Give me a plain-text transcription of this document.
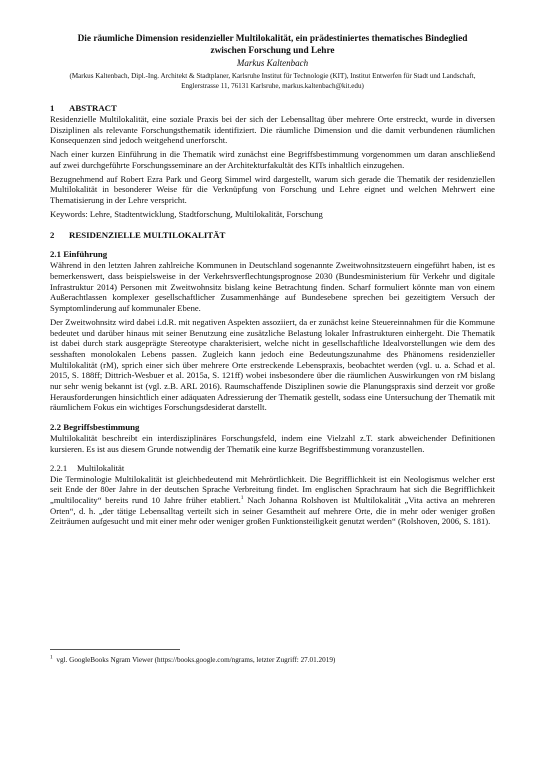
Die räumliche Dimension residenzieller Multilokalität, ein prädestiniertes thematisches Bindeglied
zwischen Forschung und Lehre
Markus Kaltenbach
(Markus Kaltenbach, Dipl.-Ing. Architekt & Stadtplaner, Karlsruhe Institut für Technologie (KIT), Institut Entwerfen für Stadt und Landschaft, Englerstrasse 11, 76131 Karlsruhe, markus.kaltenbach@kit.edu)
1 ABSTRACT

Residenzielle Multilokalität, eine soziale Praxis bei der sich der Lebensalltag über mehrere Orte erstreckt, wurde in diversen Disziplinen als relevante Forschungsthematik identifiziert. Die räumliche Dimension und die damit verbundenen räumlichen Konsequenzen sind jedoch weitgehend unerforscht.

Nach einer kurzen Einführung in die Thematik wird zunächst eine Begriffsbestimmung vorgenommen um daran anschließend auf zwei durchgeführte Forschungsseminare an der Architekturfakultät des KITs inhaltlich einzugehen.

Bezugnehmend auf Robert Ezra Park und Georg Simmel wird dargestellt, warum sich gerade die Thematik der residenziellen Multilokalität in besonderer Weise für die Verknüpfung von Forschung und Lehre eignet und welchen Mehrwert eine Thematisierung in der Lehre verspricht.

Keywords: Lehre, Stadtentwicklung, Stadtforschung, Multilokalität, Forschung

2 RESIDENZIELLE MULTILOKALITÄT
2.1 Einführung

Während in den letzten Jahren zahlreiche Kommunen in Deutschland sogenannte Zweitwohnsitzsteuern eingeführt haben, ist es bemerkenswert, dass beispielsweise in der Verkehrsverflechtungsprognose 2030 (Bundesministerium für Verkehr und digitale Infrastruktur 2014) Personen mit Zweitwohnsitz bislang keine Betrachtung finden. Scharf formuliert könnte man von einem Außerachtlassen komplexer gesellschaftlicher Zusammenhänge auf Bundesebene sprechen bei gezeitigtem Versuch der Symptomlinderung auf kommunaler Ebene.

Der Zweitwohnsitz wird dabei i.d.R. mit negativen Aspekten assoziiert, da er zunächst keine Steuereinnahmen für die Kommune bedeutet und darüber hinaus mit seiner Benutzung eine zusätzliche Belastung lokaler Infrastrukturen einhergeht. Die Thematik ist dabei durch stark ausgeprägte Stereotype charakterisiert, welche nicht in gesellschaftliche Idealvorstellungen wie dem des sesshaften monolokalen Lebens passen. Zugleich kann jedoch eine Bedeutungszunahme des Phänomens residenzieller Multilokalität (rM), sprich einer sich über mehrere Orte erstreckende Lebenspraxis, beobachtet werden (vgl. u. a. Schad et al. 2015, S. 188ff; Dittrich-Wesbuer et al. 2015a, S. 121ff) wobei insbesondere über die räumlichen Auswirkungen von rM bislang nur sehr wenig bekannt ist (vgl. z.B. ARL 2016). Raumschaffende Disziplinen sowie die Planungspraxis sind derzeit vor große Herausforderungen hinsichtlich einer adäquaten Adressierung der Thematik gestellt, sodass eine Untersuchung der Thematik mit räumlichem Fokus ein wichtiges Forschungsdesiderat darstellt.

2.2 Begriffsbestimmung

Multilokalität beschreibt ein interdisziplinäres Forschungsfeld, indem eine Vielzahl z.T. stark abweichender Definitionen kursieren. Es ist aus diesem Grunde notwendig der Thematik eine kurze Begriffsbestimmung voranzustellen.

2.2.1 Multilokalität

Die Terminologie Multilokalität ist gleichbedeutend mit Mehrörtlichkeit. Die Begrifflichkeit ist ein Neologismus welcher erst seit Ende der 80er Jahre in der deutschen Sprache Verbreitung findet. Im englischen Sprachraum hat sich die Begrifflichkeit „multilocality“ bereits rund 10 Jahre früher etabliert.$^1$ Nach Johanna Rolshoven ist Multilokalität „Vita activa an mehreren Orten“, d. h. „der tätige Lebensalltag verteilt sich in seiner Gesamtheit auf mehrere Orte, die in mehr oder weniger großen Zeiträumen aufgesucht und mit einer mehr oder weniger großen Funktionsteiligkeit genutzt werden“ (Rolshoven, 2006, S. 181).

$^1$ vgl. GoogleBooks Ngram Viewer (https://books.google.com/ngrams, letzter Zugriff: 27.01.2019)
